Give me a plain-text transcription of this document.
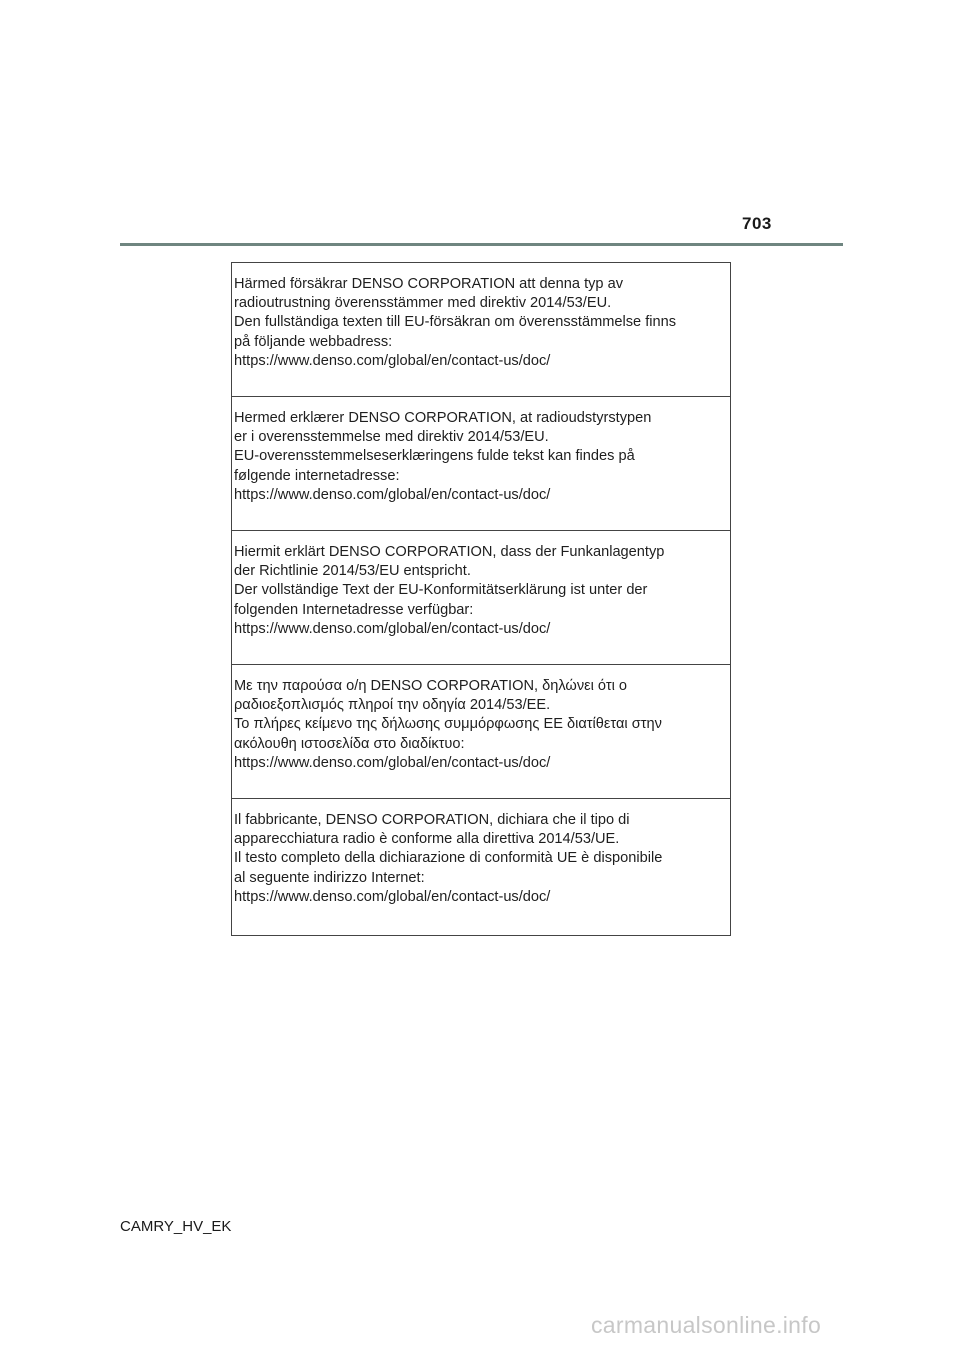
703
Härmed försäkrar DENSO CORPORATION att denna typ av
radioutrustning överensstämmer med direktiv 2014/53/EU.
Den fullständiga texten till EU-försäkran om överensstämmelse finns
på följande webbadress:
https://www.denso.com/global/en/contact-us/doc/
Hermed erklærer DENSO CORPORATION, at radioudstyrstypen
er i overensstemmelse med direktiv 2014/53/EU.
EU-overensstemmelseserklæringens fulde tekst kan findes på
følgende internetadresse:
https://www.denso.com/global/en/contact-us/doc/
Hiermit erklärt DENSO CORPORATION, dass der Funkanlagentyp
der Richtlinie 2014/53/EU entspricht.
Der vollständige Text der EU-Konformitätserklärung ist unter der
folgenden Internetadresse verfügbar:
https://www.denso.com/global/en/contact-us/doc/
Με την παρούσα ο/η DENSO CORPORATION, δηλώνει ότι ο
ραδιοεξοπλισμός πληροί την οδηγία 2014/53/ΕΕ.
Το πλήρες κείμενο της δήλωσης συμμόρφωσης ΕΕ διατίθεται στην
ακόλουθη ιστοσελίδα στο διαδίκτυο:
https://www.denso.com/global/en/contact-us/doc/
Il fabbricante, DENSO CORPORATION, dichiara che il tipo di
apparecchiatura radio è conforme alla direttiva 2014/53/UE.
Il testo completo della dichiarazione di conformità UE è disponibile
al seguente indirizzo Internet:
https://www.denso.com/global/en/contact-us/doc/
CAMRY_HV_EK
carmanualsonline.info
